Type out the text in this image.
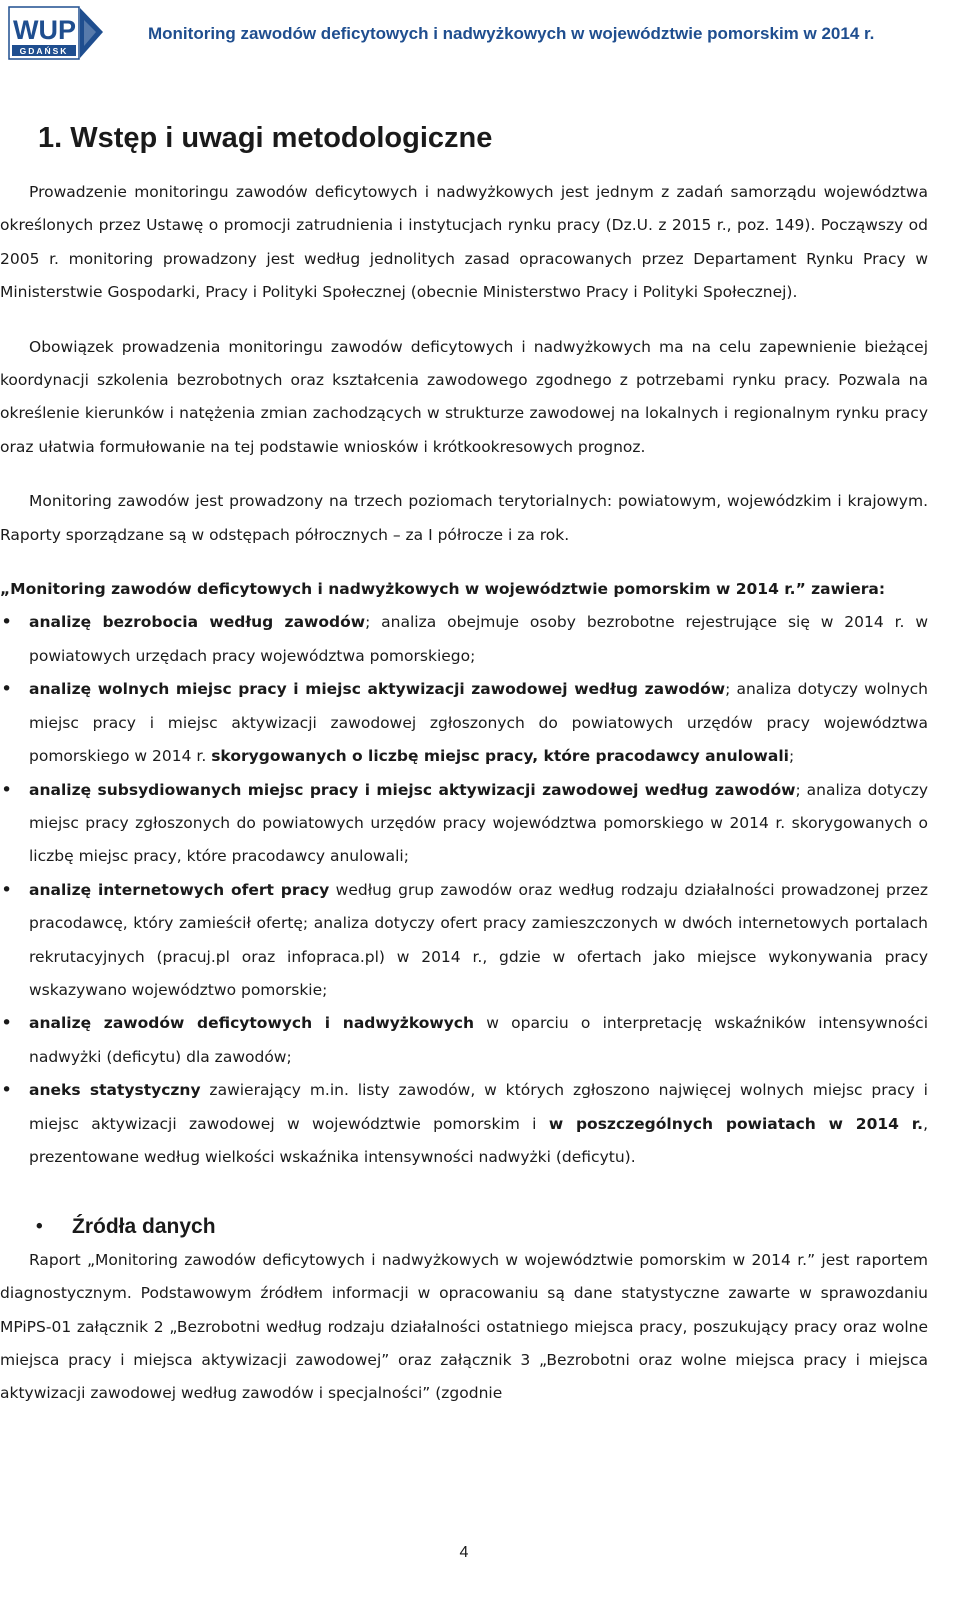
WUP
GDAŃSK
Monitoring zawodów deficytowych i nadwyżkowych w województwie pomorskim w 2014 r.
1. Wstęp i uwagi metodologiczne

Prowadzenie monitoringu zawodów deficytowych i nadwyżkowych jest jednym z zadań samorządu województwa określonych przez Ustawę o promocji zatrudnienia i instytucjach rynku pracy (Dz.U. z 2015 r., poz. 149). Począwszy od 2005 r. monitoring prowadzony jest według jednolitych zasad opracowanych przez Departament Rynku Pracy w Ministerstwie Gospodarki, Pracy i Polityki Społecznej (obecnie Ministerstwo Pracy i Polityki Społecznej).

Obowiązek prowadzenia monitoringu zawodów deficytowych i nadwyżkowych ma na celu zapewnienie bieżącej koordynacji szkolenia bezrobotnych oraz kształcenia zawodowego zgodnego z potrzebami rynku pracy. Pozwala na określenie kierunków i natężenia zmian zachodzących w strukturze zawodowej na lokalnych i regionalnym rynku pracy oraz ułatwia formułowanie na tej podstawie wniosków i krótkookresowych prognoz.

Monitoring zawodów jest prowadzony na trzech poziomach terytorialnych: powiatowym, wojewódzkim i krajowym. Raporty sporządzane są w odstępach półrocznych – za I półrocze i za rok.

„Monitoring zawodów deficytowych i nadwyżkowych w województwie pomorskim w 2014 r.” zawiera:

• analizę bezrobocia według zawodów; analiza obejmuje osoby bezrobotne rejestrujące się w 2014 r. w powiatowych urzędach pracy województwa pomorskiego;
• analizę wolnych miejsc pracy i miejsc aktywizacji zawodowej według zawodów; analiza dotyczy wolnych miejsc pracy i miejsc aktywizacji zawodowej zgłoszonych do powiatowych urzędów pracy województwa pomorskiego w 2014 r. skorygowanych o liczbę miejsc pracy, które pracodawcy anulowali;
• analizę subsydiowanych miejsc pracy i miejsc aktywizacji zawodowej według zawodów; analiza dotyczy miejsc pracy zgłoszonych do powiatowych urzędów pracy województwa pomorskiego w 2014 r. skorygowanych o liczbę miejsc pracy, które pracodawcy anulowali;
• analizę internetowych ofert pracy według grup zawodów oraz według rodzaju działalności prowadzonej przez pracodawcę, który zamieścił ofertę; analiza dotyczy ofert pracy zamieszczonych w dwóch internetowych portalach rekrutacyjnych (pracuj.pl oraz infopraca.pl) w 2014 r., gdzie w ofertach jako miejsce wykonywania pracy wskazywano województwo pomorskie;
• analizę zawodów deficytowych i nadwyżkowych w oparciu o interpretację wskaźników intensywności nadwyżki (deficytu) dla zawodów;
• aneks statystyczny zawierający m.in. listy zawodów, w których zgłoszono najwięcej wolnych miejsc pracy i miejsc aktywizacji zawodowej w województwie pomorskim i w poszczególnych powiatach w 2014 r., prezentowane według wielkości wskaźnika intensywności nadwyżki (deficytu).

• Źródła danych

Raport „Monitoring zawodów deficytowych i nadwyżkowych w województwie pomorskim w 2014 r.” jest raportem diagnostycznym. Podstawowym źródłem informacji w opracowaniu są dane statystyczne zawarte w sprawozdaniu MPiPS-01 załącznik 2 „Bezrobotni według rodzaju działalności ostatniego miejsca pracy, poszukujący pracy oraz wolne miejsca pracy i miejsca aktywizacji zawodowej” oraz załącznik 3 „Bezrobotni oraz wolne miejsca pracy i miejsca aktywizacji zawodowej według zawodów i specjalności” (zgodnie

4
